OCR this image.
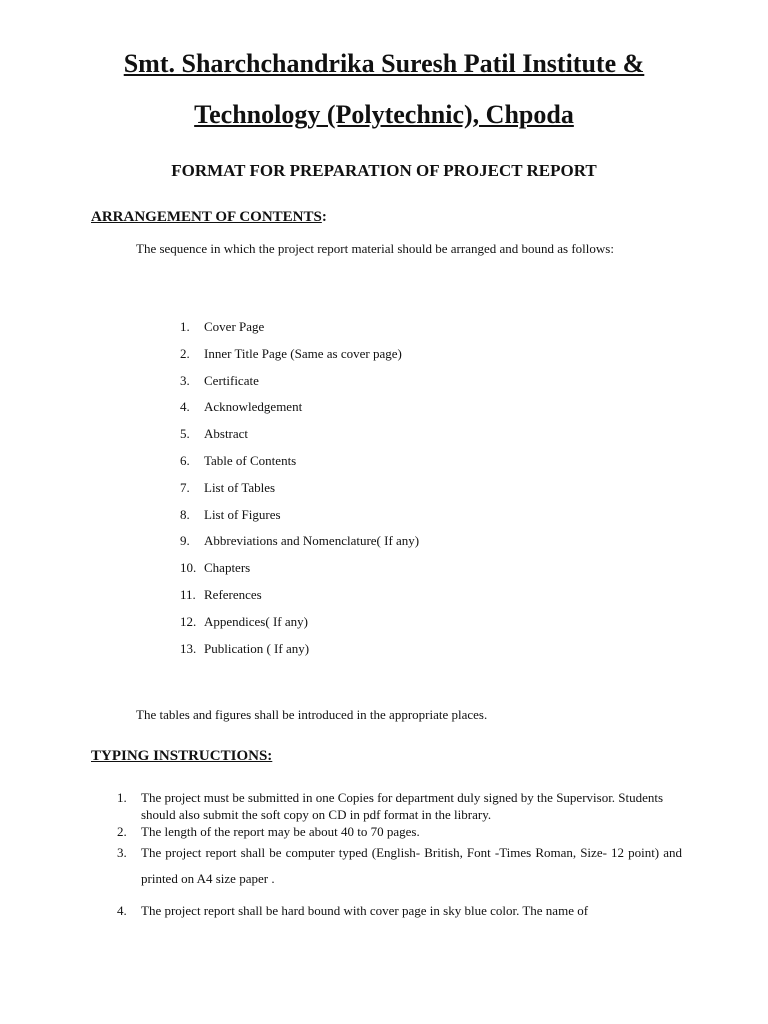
Smt. Sharchchandrika Suresh Patil Institute &
Technology (Polytechnic), Chpoda
FORMAT FOR PREPARATION OF PROJECT REPORT
ARRANGEMENT OF CONTENTS:

The sequence in which the project report material should be arranged and bound as follows:

1.	Cover Page
2.	Inner Title Page (Same as cover page)
3.	Certificate
4.	Acknowledgement
5.	Abstract
6.	Table of Contents
7.	List of Tables
8.	List of Figures
9.	Abbreviations and Nomenclature( If any)
10. Chapters
11. References
12. Appendices( If any)
13. Publication ( If any)

The tables and figures shall be introduced in the appropriate places.

TYPING INSTRUCTIONS:
1.	The project must be submitted in one Copies for department duly signed by the Supervisor. Students should also submit the soft copy on CD in pdf format in the library.
2.	The length of the report may be about 40 to 70 pages.
3.	The project report shall be computer typed (English- British, Font -Times Roman, Size- 12 point) and printed on A4 size paper .
4.	The project report shall be hard bound with cover page in sky blue color. The name of
